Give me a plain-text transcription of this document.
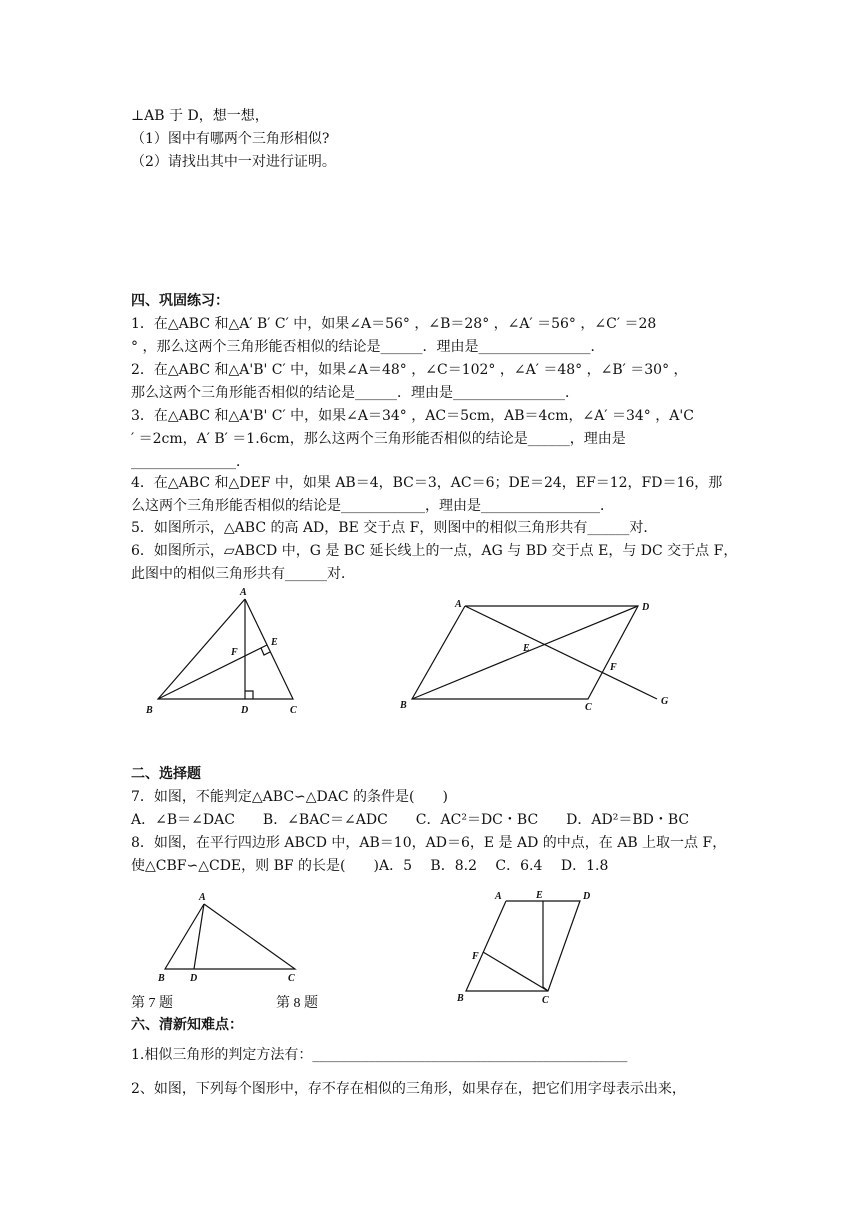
⊥AB 于 D，想一想，
（1）图中有哪两个三角形相似?
（2）请找出其中一对进行证明。
四、巩固练习：
1．在△ABC 和△A′ B′ C′ 中，如果∠A＝56° ，∠B＝28° ，∠A′ ＝56° ，∠C′ ＝28
° ，那么这两个三角形能否相似的结论是______．理由是________________．
2．在△ABC 和△A'B' C′ 中，如果∠A＝48° ，∠C＝102° ，∠A′ ＝48° ，∠B′ ＝30° ，
那么这两个三角形能否相似的结论是______．理由是________________．
3．在△ABC 和△A'B' C′ 中，如果∠A＝34° ，AC＝5cm，AB＝4cm，∠A′ ＝34° ，A'C
′ ＝2cm，A′ B′ ＝1.6cm，那么这两个三角形能否相似的结论是______，理由是
_______________．
4．在△ABC 和△DEF 中，如果 AB＝4，BC＝3，AC＝6；DE＝24，EF＝12，FD＝16，那
么这两个三角形能否相似的结论是____________，理由是_________________．
5．如图所示，△ABC 的高 AD，BE 交于点 F，则图中的相似三角形共有______对．
6．如图所示，▱ABCD 中，G 是 BC 延长线上的一点，AG 与 BD 交于点 E，与 DC 交于点 F，
此图中的相似三角形共有______对．
A
B	C
D
E
F
A	D
B	C
G
E
F
二、选择题
7．如图，不能判定△ABC∽△DAC 的条件是(　　)
A．∠B＝∠DAC　　B．∠BAC＝∠ADC　　C．AC²＝DC・BC　　D．AD²＝BD・BC
8．如图，在平行四边形 ABCD 中，AB＝10，AD＝6，E 是 AD 的中点，在 AB 上取一点 F，
使△CBF∽△CDE，则 BF 的长是(　　)A．5　 B．8.2　 C．6.4　 D．1.8
A
B	D	C
A	E	D
F
B	C
第 7 题	第 8 题
六、清新知难点：
1.相似三角形的判定方法有：_____________________________________________
2、如图，下列每个图形中，存不存在相似的三角形，如果存在，把它们用字母表示出来，
